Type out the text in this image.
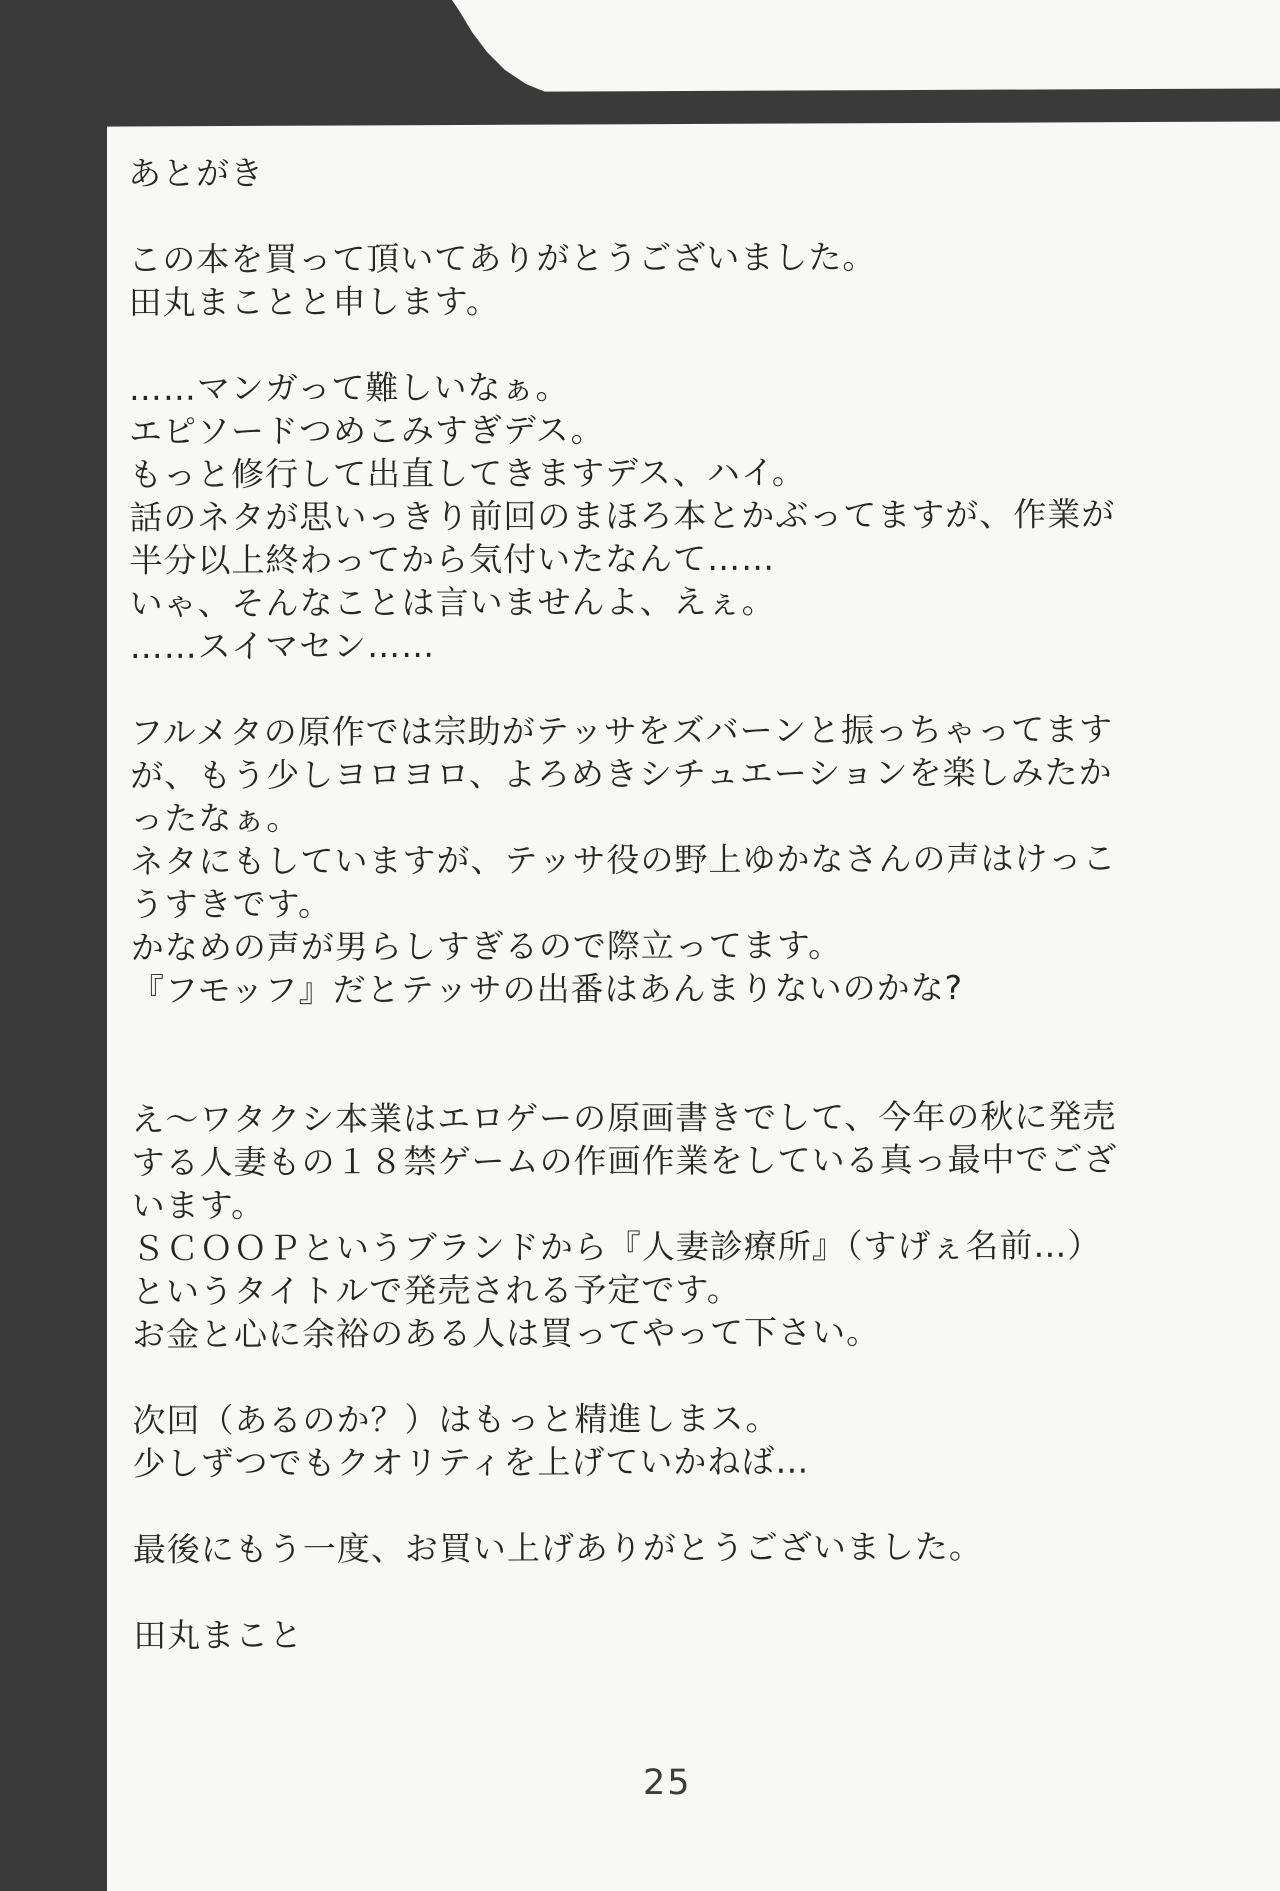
あとがき
この本を買って頂いてありがとうございました。
田丸まことと申します。
……マンガって難しいなぁ。
エピソードつめこみすぎデス。
もっと修行して出直してきますデス、ハイ。
話のネタが思いっきり前回のまほろ本とかぶってますが、作業が
半分以上終わってから気付いたなんて……
いゃ、そんなことは言いませんよ、えぇ。
……スイマセン……
フルメタの原作では宗助がテッサをズバーンと振っちゃってます
が、もう少しヨロヨロ、よろめきシチュエーションを楽しみたか
ったなぁ。
ネタにもしていますが、テッサ役の野上ゆかなさんの声はけっこ
うすきです。
かなめの声が男らしすぎるので際立ってます。
『フモッフ』だとテッサの出番はあんまりないのかな?
え〜ワタクシ本業はエロゲーの原画書きでして、今年の秋に発売
する人妻もの１８禁ゲームの作画作業をしている真っ最中でござ
います。
ＳＣＯＯＰというブランドから『人妻診療所』（すげぇ名前…）
というタイトルで発売される予定です。
お金と心に余裕のある人は買ってやって下さい。
次回（あるのか？）はもっと精進しまス。
少しずつでもクオリティを上げていかねば…
最後にもう一度、お買い上げありがとうございました。
田丸まこと
25
